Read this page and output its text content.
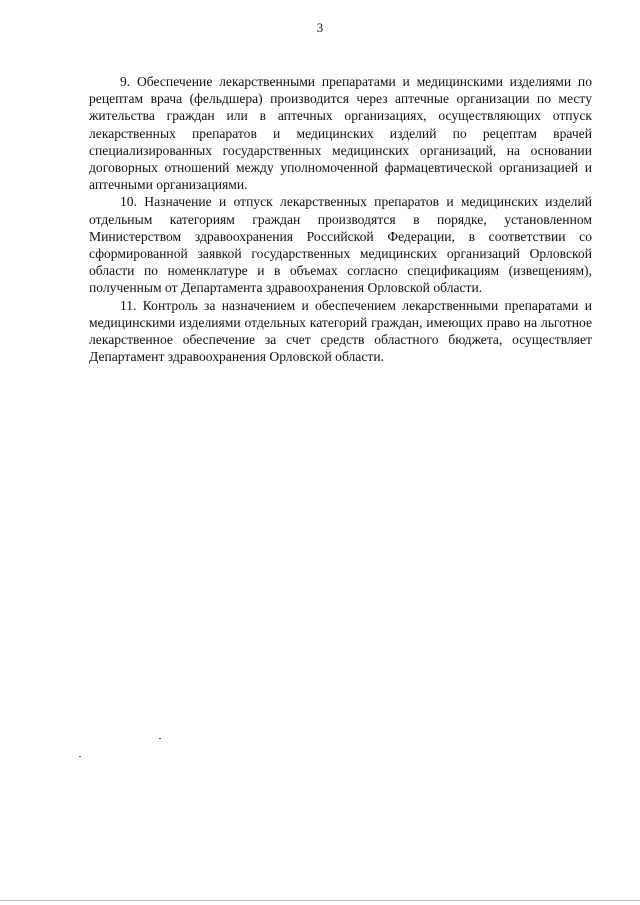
3

9. Обеспечение лекарственными препаратами и медицинскими изделиями по рецептам врача (фельдшера) производится через аптечные организации по месту жительства граждан или в аптечных организациях, осуществляющих отпуск лекарственных препаратов и медицинских изделий по рецептам врачей специализированных государственных медицинских организаций, на основании договорных отношений между уполномоченной фармацевтической организацией и аптечными организациями.

10. Назначение и отпуск лекарственных препаратов и медицинских изделий отдельным категориям граждан производятся в порядке, установленном Министерством здравоохранения Российской Федерации, в соответствии со сформированной заявкой государственных медицинских организаций Орловской области по номенклатуре и в объемах согласно спецификациям (извещениям), полученным от Департамента здравоохранения Орловской области.

11. Контроль за назначением и обеспечением лекарственными препаратами и медицинскими изделиями отдельных категорий граждан, имеющих право на льготное лекарственное обеспечение за счет средств областного бюджета, осуществляет Департамент здравоохранения Орловской области.
